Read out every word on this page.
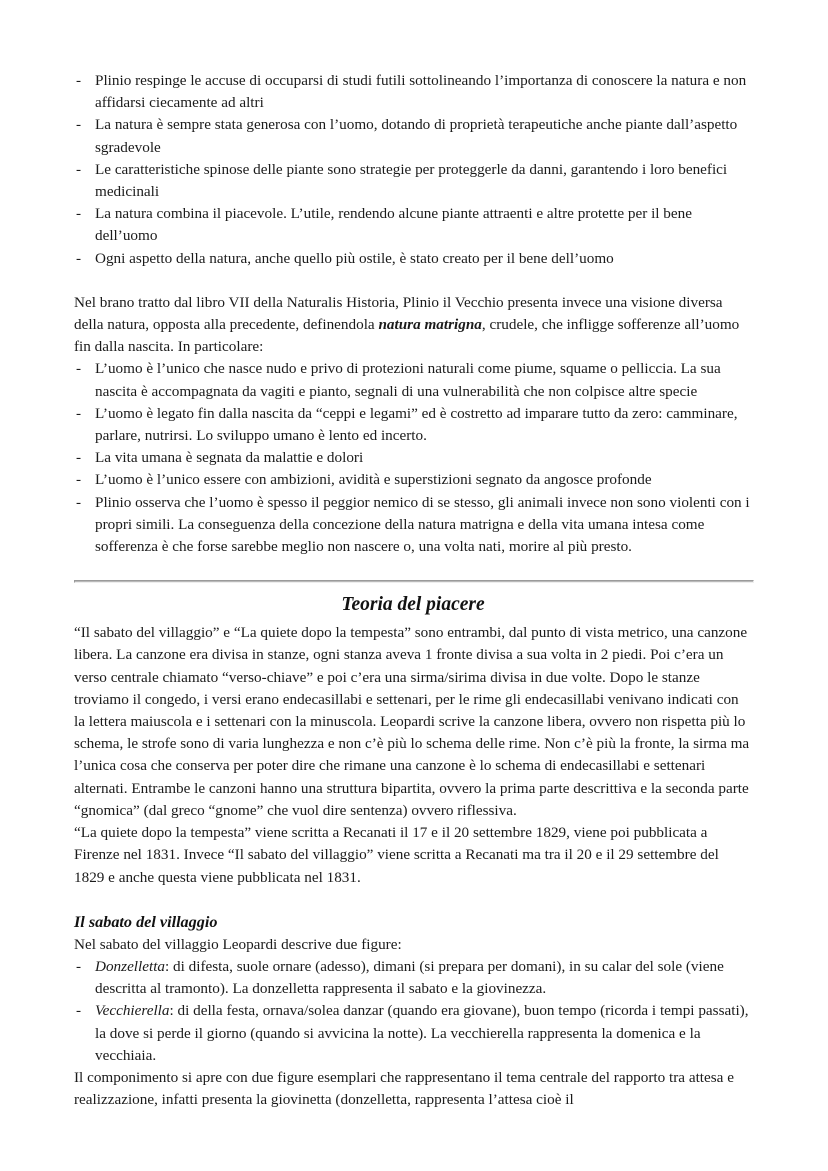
- Plinio respinge le accuse di occuparsi di studi futili sottolineando l’importanza di conoscere la natura e non affidarsi ciecamente ad altri
- La natura è sempre stata generosa con l’uomo, dotando di proprietà terapeutiche anche piante dall’aspetto sgradevole
- Le caratteristiche spinose delle piante sono strategie per proteggerle da danni, garantendo i loro benefici medicinali
- La natura combina il piacevole. L’utile, rendendo alcune piante attraenti e altre protette per il bene dell’uomo
- Ogni aspetto della natura, anche quello più ostile, è stato creato per il bene dell’uomo

Nel brano tratto dal libro VII della Naturalis Historia, Plinio il Vecchio presenta invece una visione diversa della natura, opposta alla precedente, definendola natura matrigna, crudele, che infligge sofferenze all’uomo fin dalla nascita. In particolare:

- L’uomo è l’unico che nasce nudo e privo di protezioni naturali come piume, squame o pelliccia. La sua nascita è accompagnata da vagiti e pianto, segnali di una vulnerabilità che non colpisce altre specie
- L’uomo è legato fin dalla nascita da “ceppi e legami” ed è costretto ad imparare tutto da zero: camminare, parlare, nutrirsi. Lo sviluppo umano è lento ed incerto.
- La vita umana è segnata da malattie e dolori
- L’uomo è l’unico essere con ambizioni, avidità e superstizioni segnato da angosce profonde
- Plinio osserva che l’uomo è spesso il peggior nemico di se stesso, gli animali invece non sono violenti con i propri simili. La conseguenza della concezione della natura matrigna e della vita umana intesa come sofferenza è che forse sarebbe meglio non nascere o, una volta nati, morire al più presto.
Teoria del piacere

“Il sabato del villaggio” e “La quiete dopo la tempesta” sono entrambi, dal punto di vista metrico, una canzone libera. La canzone era divisa in stanze, ogni stanza aveva 1 fronte divisa a sua volta in 2 piedi. Poi c’era un verso centrale chiamato “verso-chiave” e poi c’era una sirma/sirima divisa in due volte. Dopo le stanze troviamo il congedo, i versi erano endecasillabi e settenari, per le rime gli endecasillabi venivano indicati con la lettera maiuscola e i settenari con la minuscola. Leopardi scrive la canzone libera, ovvero non rispetta più lo schema, le strofe sono di varia lunghezza e non c’è più lo schema delle rime. Non c’è più la fronte, la sirma ma l’unica cosa che conserva per poter dire che rimane una canzone è lo schema di endecasillabi e settenari alternati. Entrambe le canzoni hanno una struttura bipartita, ovvero la prima parte descrittiva e la seconda parte “gnomica” (dal greco “gnome” che vuol dire sentenza) ovvero riflessiva.

“La quiete dopo la tempesta” viene scritta a Recanati il 17 e il 20 settembre 1829, viene poi pubblicata a Firenze nel 1831. Invece “Il sabato del villaggio” viene scritta a Recanati ma tra il 20 e il 29 settembre del 1829 e anche questa viene pubblicata nel 1831.

Il sabato del villaggio

Nel sabato del villaggio Leopardi descrive due figure:

- Donzelletta: di difesta, suole ornare (adesso), dimani (si prepara per domani), in su calar del sole (viene descritta al tramonto). La donzelletta rappresenta il sabato e la giovinezza.
- Vecchierella: di della festa, ornava/solea danzar (quando era giovane), buon tempo (ricorda i tempi passati), la dove si perde il giorno (quando si avvicina la notte). La vecchierella rappresenta la domenica e la vecchiaia.

Il componimento si apre con due figure esemplari che rappresentano il tema centrale del rapporto tra attesa e realizzazione, infatti presenta la giovinetta (donzelletta, rappresenta l’attesa cioè il
